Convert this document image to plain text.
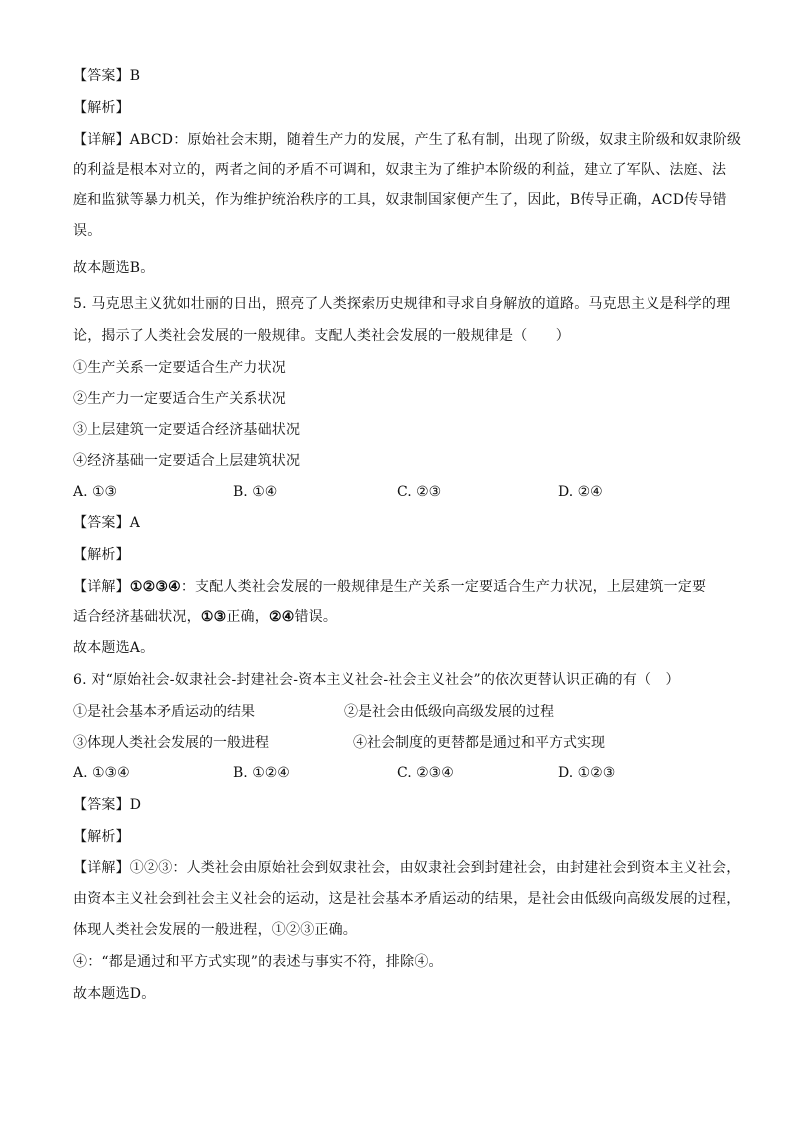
【答案】B
【解析】
【详解】ABCD：原始社会末期，随着生产力的发展，产生了私有制，出现了阶级，奴隶主阶级和奴隶阶级
的利益是根本对立的，两者之间的矛盾不可调和，奴隶主为了维护本阶级的利益，建立了军队、法庭、法
庭和监狱等暴力机关，作为维护统治秩序的工具，奴隶制国家便产生了，因此，B传导正确，ACD传导错
误。
故本题选B。
5. 马克思主义犹如壮丽的日出，照亮了人类探索历史规律和寻求自身解放的道路。马克思主义是科学的理
论，揭示了人类社会发展的一般规律。支配人类社会发展的一般规律是（　　）
①生产关系一定要适合生产力状况
②生产力一定要适合生产关系状况
③上层建筑一定要适合经济基础状况
④经济基础一定要适合上层建筑状况
A. ①③	B. ①④	C. ②③	D. ②④
【答案】A
【解析】
【详解】①②③④：支配人类社会发展的一般规律是生产关系一定要适合生产力状况，上层建筑一定要
适合经济基础状况，①③正确，②④错误。
故本题选A。
6. 对“原始社会-奴隶社会-封建社会-资本主义社会-社会主义社会”的依次更替认识正确的有（　）
①是社会基本矛盾运动的结果	②是社会由低级向高级发展的过程
③体现人类社会发展的一般进程	④社会制度的更替都是通过和平方式实现
A. ①③④	B. ①②④	C. ②③④	D. ①②③
【答案】D
【解析】
【详解】①②③：人类社会由原始社会到奴隶社会，由奴隶社会到封建社会，由封建社会到资本主义社会，
由资本主义社会到社会主义社会的运动，这是社会基本矛盾运动的结果，是社会由低级向高级发展的过程，
体现人类社会发展的一般进程，①②③正确。
④：“都是通过和平方式实现”的表述与事实不符，排除④。
故本题选D。
